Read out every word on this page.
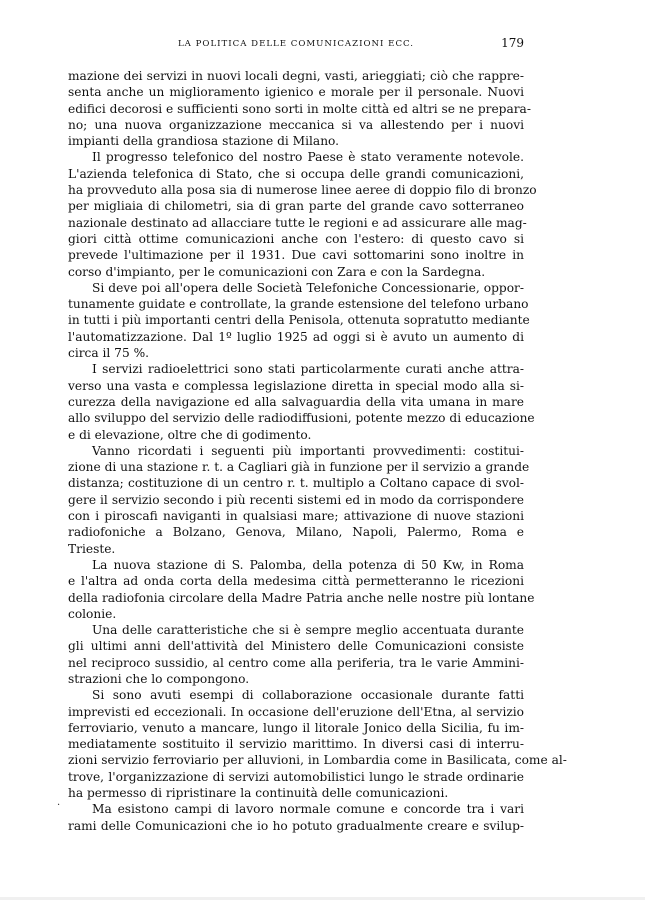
LA POLITICA DELLE COMUNICAZIONI ECC.	179
mazione dei servizi in nuovi locali degni, vasti, arieggiati; ciò che rappre-
senta anche un miglioramento igienico e morale per il personale. Nuovi
edifici decorosi e sufficienti sono sorti in molte città ed altri se ne prepara-
no; una nuova organizzazione meccanica si va allestendo per i nuovi
impianti della grandiosa stazione di Milano.
Il progresso telefonico del nostro Paese è stato veramente notevole.
L'azienda telefonica di Stato, che si occupa delle grandi comunicazioni,
ha provveduto alla posa sia di numerose linee aeree di doppio filo di bronzo
per migliaia di chilometri, sia di gran parte del grande cavo sotterraneo
nazionale destinato ad allacciare tutte le regioni e ad assicurare alle mag-
giori città ottime comunicazioni anche con l'estero: di questo cavo si
prevede l'ultimazione per il 1931. Due cavi sottomarini sono inoltre in
corso d'impianto, per le comunicazioni con Zara e con la Sardegna.
Si deve poi all'opera delle Società Telefoniche Concessionarie, oppor-
tunamente guidate e controllate, la grande estensione del telefono urbano
in tutti i più importanti centri della Penisola, ottenuta sopratutto mediante
l'automatizzazione. Dal 1º luglio 1925 ad oggi si è avuto un aumento di
circa il 75 %.
I servizi radioelettrici sono stati particolarmente curati anche attra-
verso una vasta e complessa legislazione diretta in special modo alla si-
curezza della navigazione ed alla salvaguardia della vita umana in mare
allo sviluppo del servizio delle radiodiffusioni, potente mezzo di educazione
e di elevazione, oltre che di godimento.
Vanno ricordati i seguenti più importanti provvedimenti: costitui-
zione di una stazione r. t. a Cagliari già in funzione per il servizio a grande
distanza; costituzione di un centro r. t. multiplo a Coltano capace di svol-
gere il servizio secondo i più recenti sistemi ed in modo da corrispondere
con i piroscafi naviganti in qualsiasi mare; attivazione di nuove stazioni
radiofoniche a Bolzano, Genova, Milano, Napoli, Palermo, Roma e
Trieste.
La nuova stazione di S. Palomba, della potenza di 50 Kw, in Roma
e l'altra ad onda corta della medesima città permetteranno le ricezioni
della radiofonia circolare della Madre Patria anche nelle nostre più lontane
colonie.
Una delle caratteristiche che si è sempre meglio accentuata durante
gli ultimi anni dell'attività del Ministero delle Comunicazioni consiste
nel reciproco sussidio, al centro come alla periferia, tra le varie Ammini-
strazioni che lo compongono.
Si sono avuti esempi di collaborazione occasionale durante fatti
imprevisti ed eccezionali. In occasione dell'eruzione dell'Etna, al servizio
ferroviario, venuto a mancare, lungo il litorale Jonico della Sicilia, fu im-
mediatamente sostituito il servizio marittimo. In diversi casi di interru-
zioni servizio ferroviario per alluvioni, in Lombardia come in Basilicata, come al-
trove, l'organizzazione di servizi automobilistici lungo le strade ordinarie
ha permesso di ripristinare la continuità delle comunicazioni.
Ma esistono campi di lavoro normale comune e concorde tra i vari
rami delle Comunicazioni che io ho potuto gradualmente creare e svilup-
·
